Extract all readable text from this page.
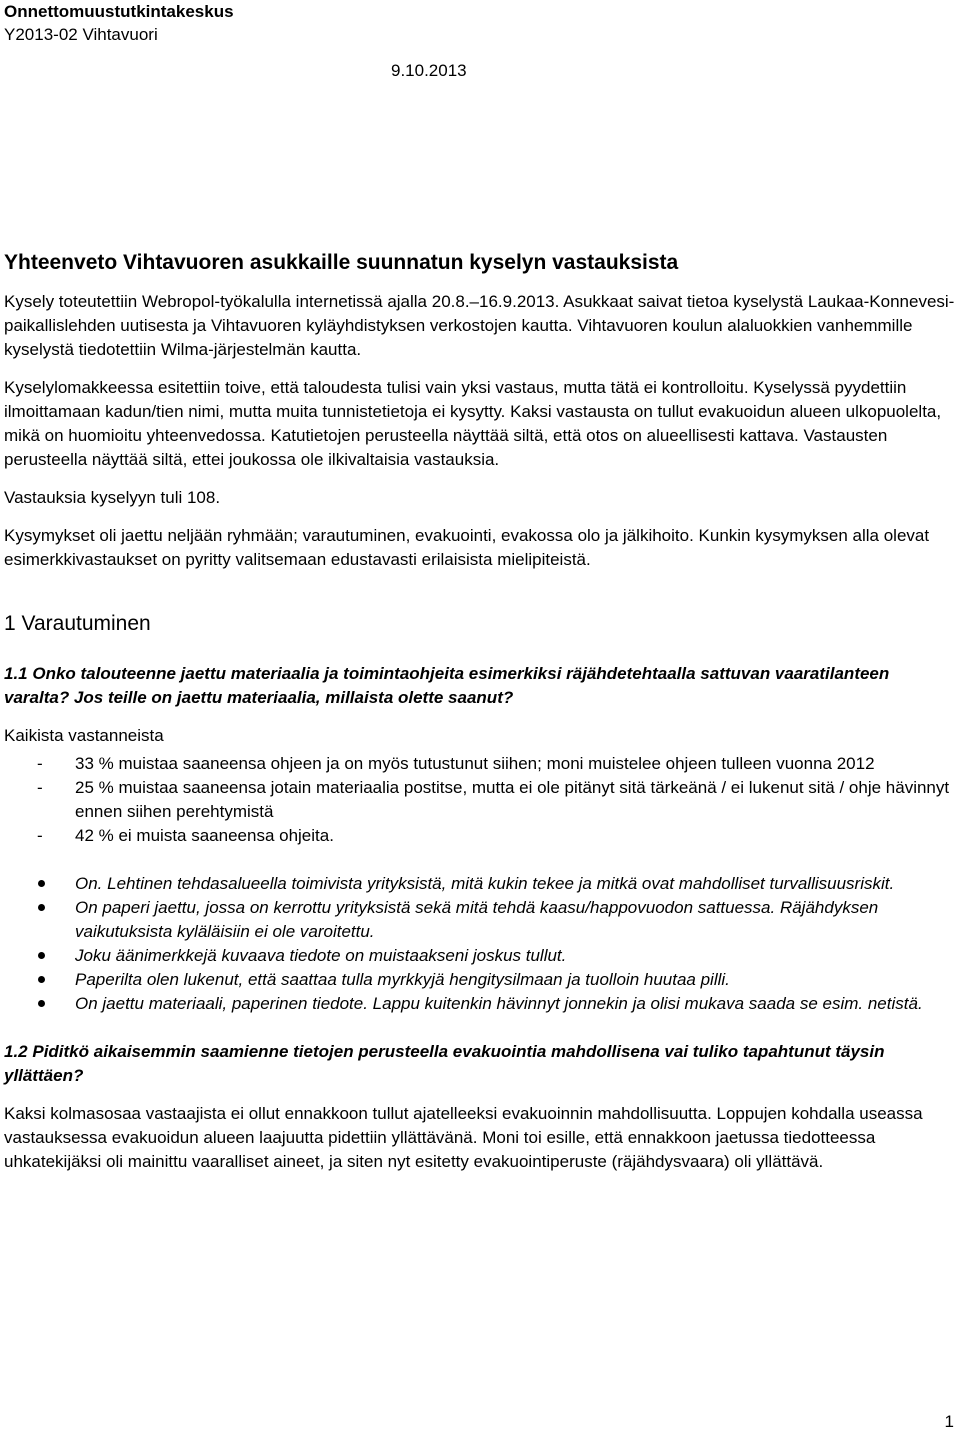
Onnettomuustutkintakeskus
Y2013-02 Vihtavuori
9.10.2013
Yhteenveto Vihtavuoren asukkaille suunnatun kyselyn vastauksista

Kysely toteutettiin Webropol-työkalulla internetissä ajalla 20.8.–16.9.2013. Asukkaat saivat tietoa kyselystä Laukaa-Konnevesi-paikallislehden uutisesta ja Vihtavuoren kyläyhdistyksen verkostojen kautta. Vihtavuoren koulun alaluokkien vanhemmille kyselystä tiedotettiin Wilma-järjestelmän kautta.

Kyselylomakkeessa esitettiin toive, että taloudesta tulisi vain yksi vastaus, mutta tätä ei kontrolloitu. Kyselyssä pyydettiin ilmoittamaan kadun/tien nimi, mutta muita tunnistetietoja ei kysytty. Kaksi vastausta on tullut evakuoidun alueen ulkopuolelta, mikä on huomioitu yhteenvedossa. Katutietojen perusteella näyttää siltä, että otos on alueellisesti kattava. Vastausten perusteella näyttää siltä, ettei joukossa ole ilkivaltaisia vastauksia.

Vastauksia kyselyyn tuli 108.

Kysymykset oli jaettu neljään ryhmään; varautuminen, evakuointi, evakossa olo ja jälkihoito. Kunkin kysymyksen alla olevat esimerkkivastaukset on pyritty valitsemaan edustavasti erilaisista mielipiteistä.

1 Varautuminen

1.1 Onko talouteenne jaettu materiaalia ja toimintaohjeita esimerkiksi räjähdetehtaalla sattuvan vaaratilanteen varalta? Jos teille on jaettu materiaalia, millaista olette saanut?

Kaikista vastanneista

- 33 % muistaa saaneensa ohjeen ja on myös tutustunut siihen; moni muistelee ohjeen tulleen vuonna 2012
- 25 % muistaa saaneensa jotain materiaalia postitse, mutta ei ole pitänyt sitä tärkeänä / ei lukenut sitä / ohje hävinnyt ennen siihen perehtymistä
- 42 % ei muista saaneensa ohjeita.
On. Lehtinen tehdasalueella toimivista yrityksistä, mitä kukin tekee ja mitkä ovat mahdolliset turvallisuusriskit.
On paperi jaettu, jossa on kerrottu yrityksistä sekä mitä tehdä kaasu/happovuodon sattuessa. Räjähdyksen vaikutuksista kyläläisiin ei ole varoitettu.
Joku äänimerkkejä kuvaava tiedote on muistaakseni joskus tullut.
Paperilta olen lukenut, että saattaa tulla myrkkyjä hengitysilmaan ja tuolloin huutaa pilli.
On jaettu materiaali, paperinen tiedote. Lappu kuitenkin hävinnyt jonnekin ja olisi mukava saada se esim. netistä.

1.2 Piditkö aikaisemmin saamienne tietojen perusteella evakuointia mahdollisena vai tuliko tapahtunut täysin yllättäen?

Kaksi kolmasosaa vastaajista ei ollut ennakkoon tullut ajatelleeksi evakuoinnin mahdollisuutta. Loppujen kohdalla useassa vastauksessa evakuoidun alueen laajuutta pidettiin yllättävänä. Moni toi esille, että ennakkoon jaetussa tiedotteessa uhkatekijäksi oli mainittu vaaralliset aineet, ja siten nyt esitetty evakuointiperuste (räjähdysvaara) oli yllättävä.

1
